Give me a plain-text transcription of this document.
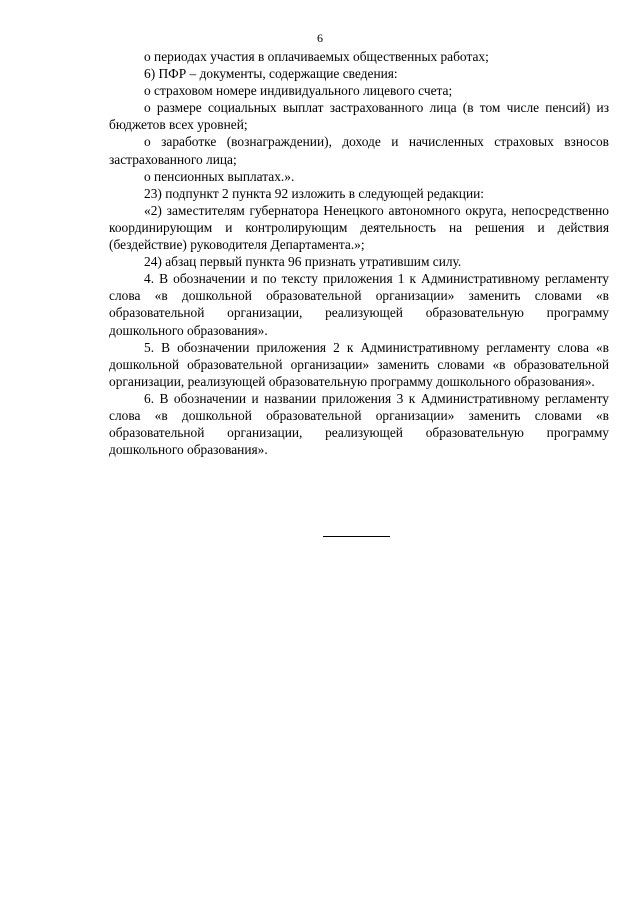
6

о периодах участия в оплачиваемых общественных работах;

6) ПФР – документы, содержащие сведения:

о страховом номере индивидуального лицевого счета;

о размере социальных выплат застрахованного лица (в том числе пенсий) из бюджетов всех уровней;

о заработке (вознаграждении), доходе и начисленных страховых взносов застрахованного лица;

о пенсионных выплатах.».

23) подпункт 2 пункта 92 изложить в следующей редакции:

«2) заместителям губернатора Ненецкого автономного округа, непосредственно координирующим и контролирующим деятельность на решения и действия (бездействие) руководителя Департамента.»;

24) абзац первый пункта 96 признать утратившим силу.

4. В обозначении и по тексту приложения 1 к Административному регламенту слова «в дошкольной образовательной организации» заменить словами «в образовательной организации, реализующей образовательную программу дошкольного образования».

5. В обозначении приложения 2 к Административному регламенту слова «в дошкольной образовательной организации» заменить словами «в образовательной организации, реализующей образовательную программу дошкольного образования».

6. В обозначении и названии приложения 3 к Административному регламенту слова «в дошкольной образовательной организации» заменить словами «в образовательной организации, реализующей образовательную программу дошкольного образования».
